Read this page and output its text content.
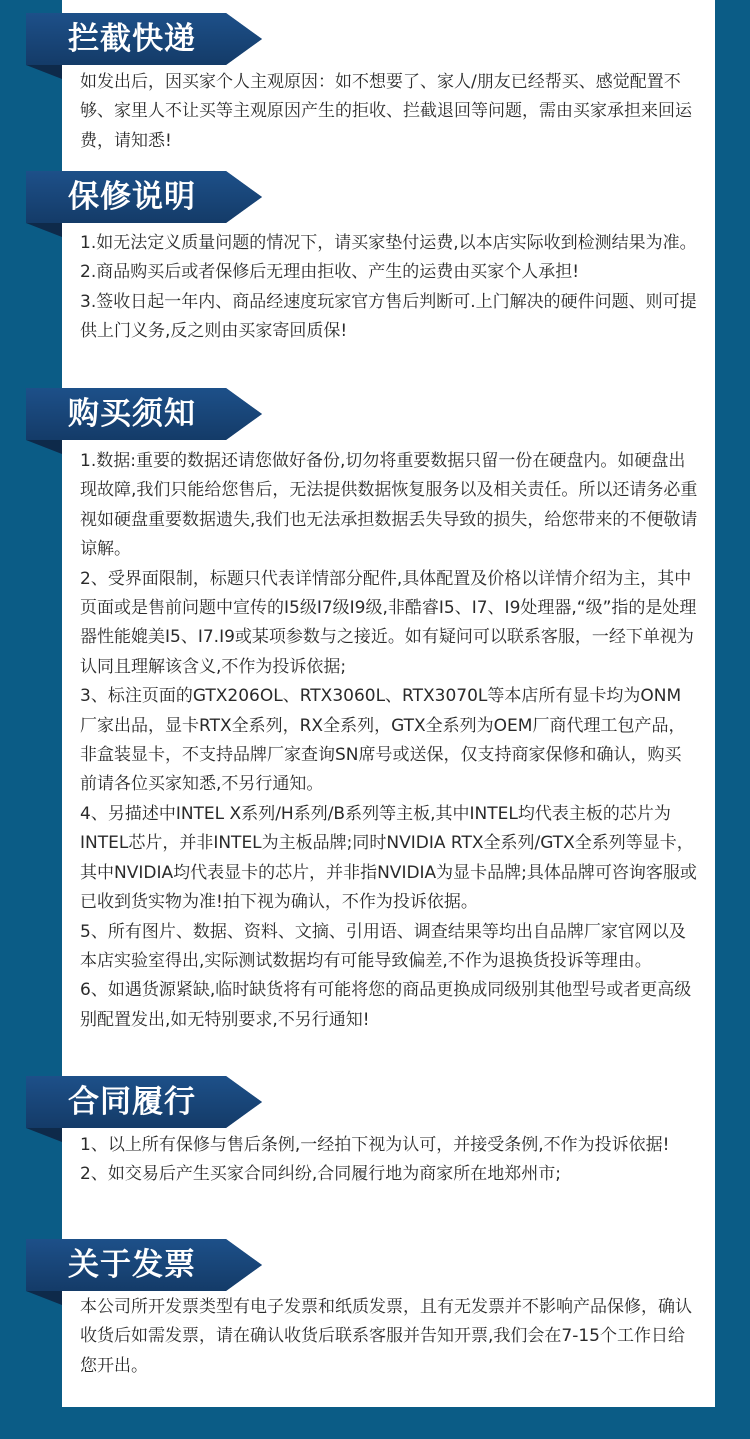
拦截快递

如发出后，因买家个人主观原因：如不想要了、家人/朋友已经帮买、感觉配置不够、家里人不让买等主观原因产生的拒收、拦截退回等问题，需由买家承担来回运费，请知悉!

保修说明

1.如无法定义质量问题的情况下，请买家垫付运费,以本店实际收到检测结果为准。

2.商品购买后或者保修后无理由拒收、产生的运费由买家个人承担!

3.签收日起一年内、商品经速度玩家官方售后判断可.上门解决的硬件问题、则可提供上门义务,反之则由买家寄回质保!

购买须知

1.数据:重要的数据还请您做好备份,切勿将重要数据只留一份在硬盘内。如硬盘出现故障,我们只能给您售后，无法提供数据恢复服务以及相关责任。所以还请务必重视如硬盘重要数据遗失,我们也无法承担数据丢失导致的损失，给您带来的不便敬请谅解。

2、受界面限制，标题只代表详情部分配件,具体配置及价格以详情介绍为主，其中页面或是售前问题中宣传的I5级I7级I9级,非酷睿I5、I7、I9处理器,“级”指的是处理器性能媲美I5、I7.I9或某项参数与之接近。如有疑问可以联系客服，一经下单视为认同且理解该含义,不作为投诉依据;

3、标注页面的GTX206OL、RTX3060L、RTX3070L等本店所有显卡均为ONM厂家出品，显卡RTX全系列，RX全系列，GTX全系列为OEM厂商代理工包产品，非盒装显卡，不支持品牌厂家查询SN席号或送保，仅支持商家保修和确认，购买前请各位买家知悉,不另行通知。

4、另描述中INTEL X系列/H系列/B系列等主板,其中INTEL均代表主板的芯片为INTEL芯片，并非INTEL为主板品牌;同时NVIDIA RTX全系列/GTX全系列等显卡，其中NVIDIA均代表显卡的芯片，并非指NVIDIA为显卡品牌;具体品牌可咨询客服或已收到货实物为准!拍下视为确认，不作为投诉依据。

5、所有图片、数据、资料、文摘、引用语、调查结果等均出自品牌厂家官网以及本店实验室得出,实际测试数据均有可能导致偏差,不作为退换货投诉等理由。

6、如遇货源紧缺,临时缺货将有可能将您的商品更换成同级别其他型号或者更高级别配置发出,如无特别要求,不另行通知!

合同履行

1、以上所有保修与售后条例,一经拍下视为认可，并接受条例,不作为投诉依据!

2、如交易后产生买家合同纠纷,合同履行地为商家所在地郑州市;

关于发票

本公司所开发票类型有电子发票和纸质发票，且有无发票并不影响产品保修，确认收货后如需发票，请在确认收货后联系客服并告知开票,我们会在7-15个工作日给您开出。
